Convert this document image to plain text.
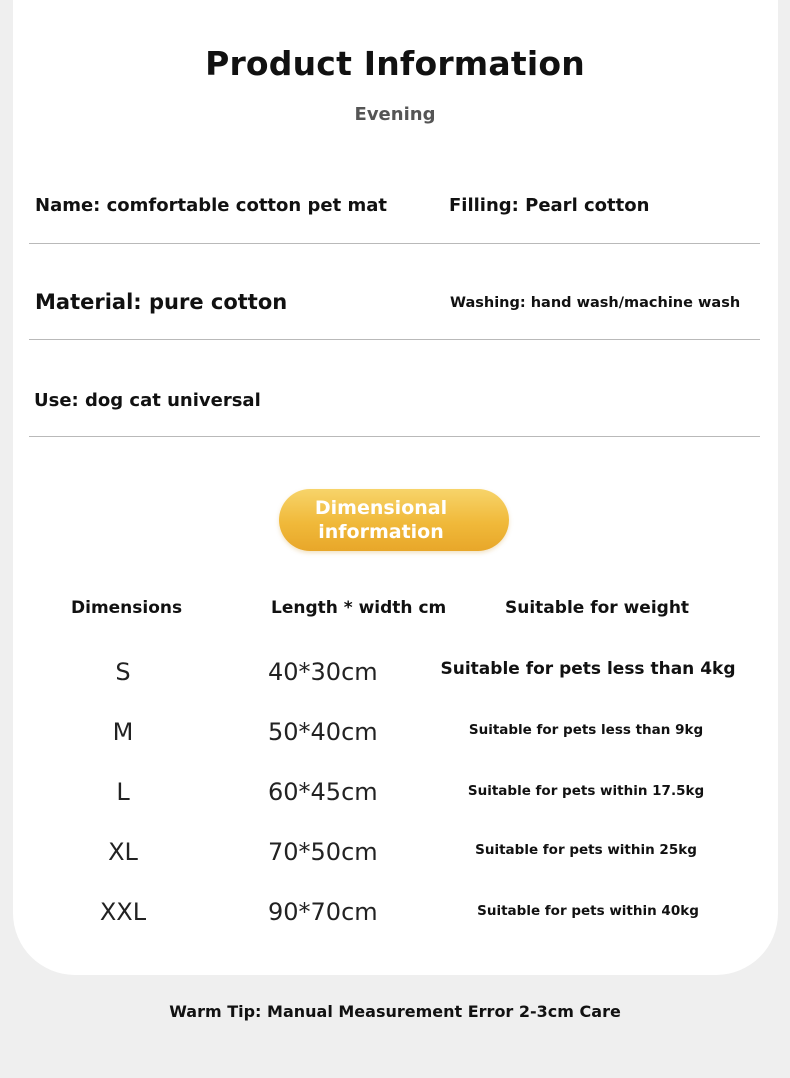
Product Information
Evening
Name: comfortable cotton pet mat	Filling: Pearl cotton
Material: pure cotton	Washing: hand wash/machine wash
Use: dog cat universal
Dimensional
information
Dimensions	Length * width cm	Suitable for weight
S	40*30cm	Suitable for pets less than 4kg
M	50*40cm	Suitable for pets less than 9kg
L	60*45cm	Suitable for pets within 17.5kg
XL	70*50cm	Suitable for pets within 25kg
XXL	90*70cm	Suitable for pets within 40kg
Warm Tip: Manual Measurement Error 2-3cm Care
